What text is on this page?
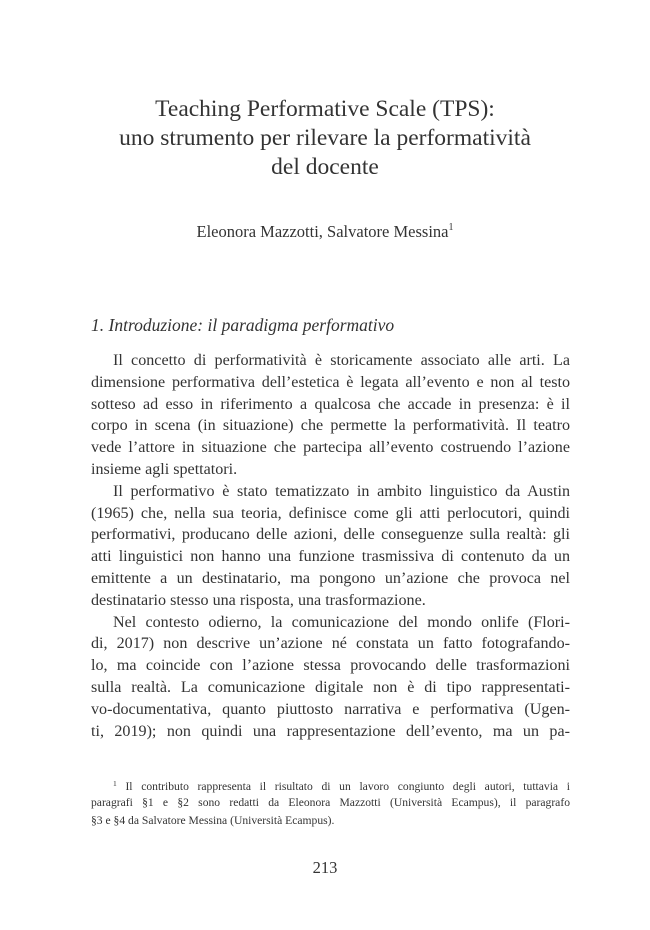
Teaching Performative Scale (TPS):
uno strumento per rilevare la performatività
del docente
Eleonora Mazzotti, Salvatore Messina$^1$
1. Introduzione: il paradigma performativo
Il concetto di performatività è storicamente associato alle arti. La
dimensione performativa dell’estetica è legata all’evento e non al testo
sotteso ad esso in riferimento a qualcosa che accade in presenza: è il
corpo in scena (in situazione) che permette la performatività. Il teatro
vede l’attore in situazione che partecipa all’evento costruendo l’azione
insieme agli spettatori.
Il performativo è stato tematizzato in ambito linguistico da Austin
(1965) che, nella sua teoria, definisce come gli atti perlocutori, quindi
performativi, producano delle azioni, delle conseguenze sulla realtà: gli
atti linguistici non hanno una funzione trasmissiva di contenuto da un
emittente a un destinatario, ma pongono un’azione che provoca nel
destinatario stesso una risposta, una trasformazione.
Nel contesto odierno, la comunicazione del mondo onlife (Flori-
di, 2017) non descrive un’azione né constata un fatto fotografando-
lo, ma coincide con l’azione stessa provocando delle trasformazioni
sulla realtà. La comunicazione digitale non è di tipo rappresentati-
vo-documentativa, quanto piuttosto narrativa e performativa (Ugen-
ti, 2019); non quindi una rappresentazione dell’evento, ma un pa-
$^1$ Il contributo rappresenta il risultato di un lavoro congiunto degli autori, tuttavia i
paragrafi §1 e §2 sono redatti da Eleonora Mazzotti (Università Ecampus), il paragrafo
§3 e §4 da Salvatore Messina (Università Ecampus).
213
